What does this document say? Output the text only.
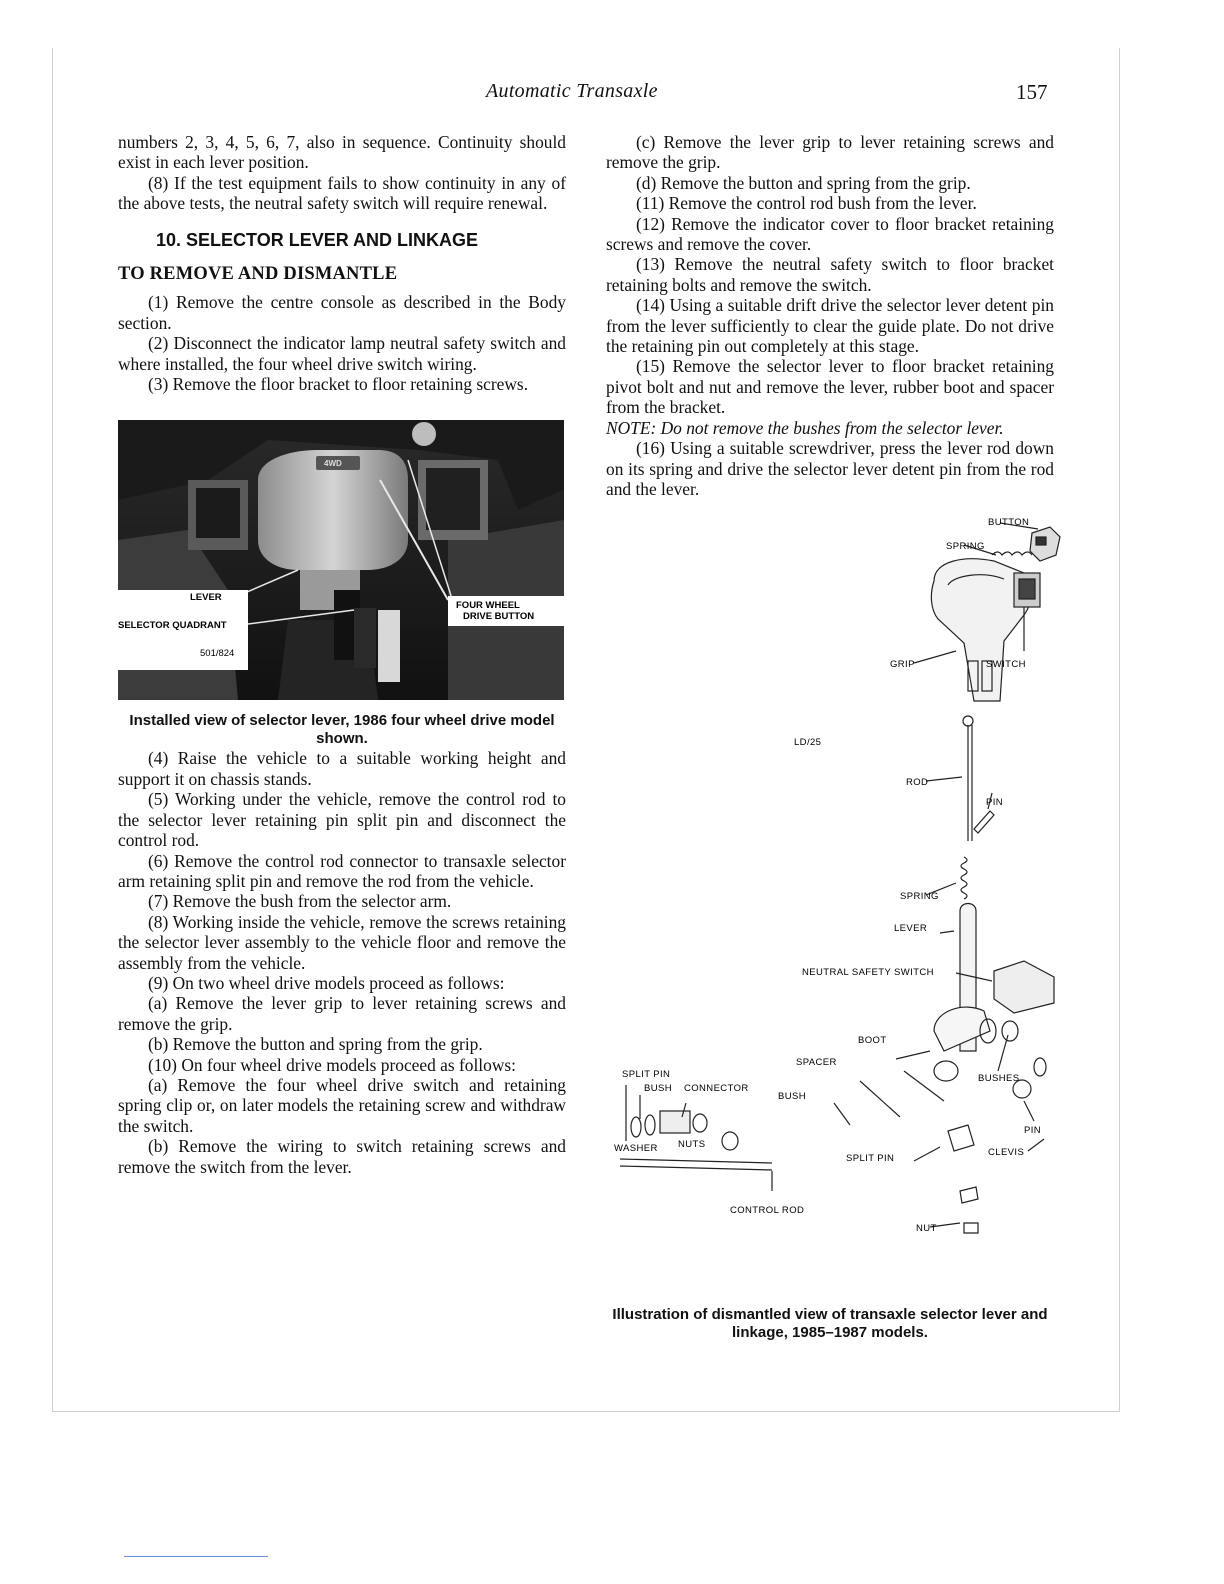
Automatic Transaxle	157

numbers 2, 3, 4, 5, 6, 7, also in sequence. Continuity should exist in each lever position.

(8) If the test equipment fails to show continuity in any of the above tests, the neutral safety switch will require renewal.

10. SELECTOR LEVER AND LINKAGE
TO REMOVE AND DISMANTLE

(1) Remove the centre console as described in the Body section.

(2) Disconnect the indicator lamp neutral safety switch and where installed, the four wheel drive switch wiring.

(3) Remove the floor bracket to floor retaining screws.

LEVER
SELECTOR QUADRANT
501/824
FOUR WHEEL
DRIVE BUTTON
4WD

Installed view of selector lever, 1986 four wheel drive model shown.

(4) Raise the vehicle to a suitable working height and support it on chassis stands.

(5) Working under the vehicle, remove the control rod to the selector lever retaining pin split pin and disconnect the control rod.

(6) Remove the control rod connector to transaxle selector arm retaining split pin and remove the rod from the vehicle.

(7) Remove the bush from the selector arm.

(8) Working inside the vehicle, remove the screws retaining the selector lever assembly to the vehicle floor and remove the assembly from the vehicle.

(9) On two wheel drive models proceed as follows:

(a) Remove the lever grip to lever retaining screws and remove the grip.

(b) Remove the button and spring from the grip.

(10) On four wheel drive models proceed as follows:

(a) Remove the four wheel drive switch and retaining spring clip or, on later models the retaining screw and withdraw the switch.

(b) Remove the wiring to switch retaining screws and remove the switch from the lever.

(c) Remove the lever grip to lever retaining screws and remove the grip.

(d) Remove the button and spring from the grip.

(11) Remove the control rod bush from the lever.

(12) Remove the indicator cover to floor bracket retaining screws and remove the cover.

(13) Remove the neutral safety switch to floor bracket retaining bolts and remove the switch.

(14) Using a suitable drift drive the selector lever detent pin from the lever sufficiently to clear the guide plate. Do not drive the retaining pin out completely at this stage.

(15) Remove the selector lever to floor bracket retaining pivot bolt and nut and remove the lever, rubber boot and spacer from the bracket.

NOTE: Do not remove the bushes from the selector lever.

(16) Using a suitable screwdriver, press the lever rod down on its spring and drive the selector lever detent pin from the rod and the lever.

BUTTON
SPRING
GRIP	SWITCH
LD/25
ROD
PIN
SPRING
LEVER
NEUTRAL SAFETY SWITCH
BOOT
SPACER
SPLIT PIN
BUSH CONNECTOR
BUSH
BUSHES
PIN
WASHER NUTS
SPLIT PIN
CLEVIS
CONTROL ROD
NUT

Illustration of dismantled view of transaxle selector lever and linkage, 1985–1987 models.
